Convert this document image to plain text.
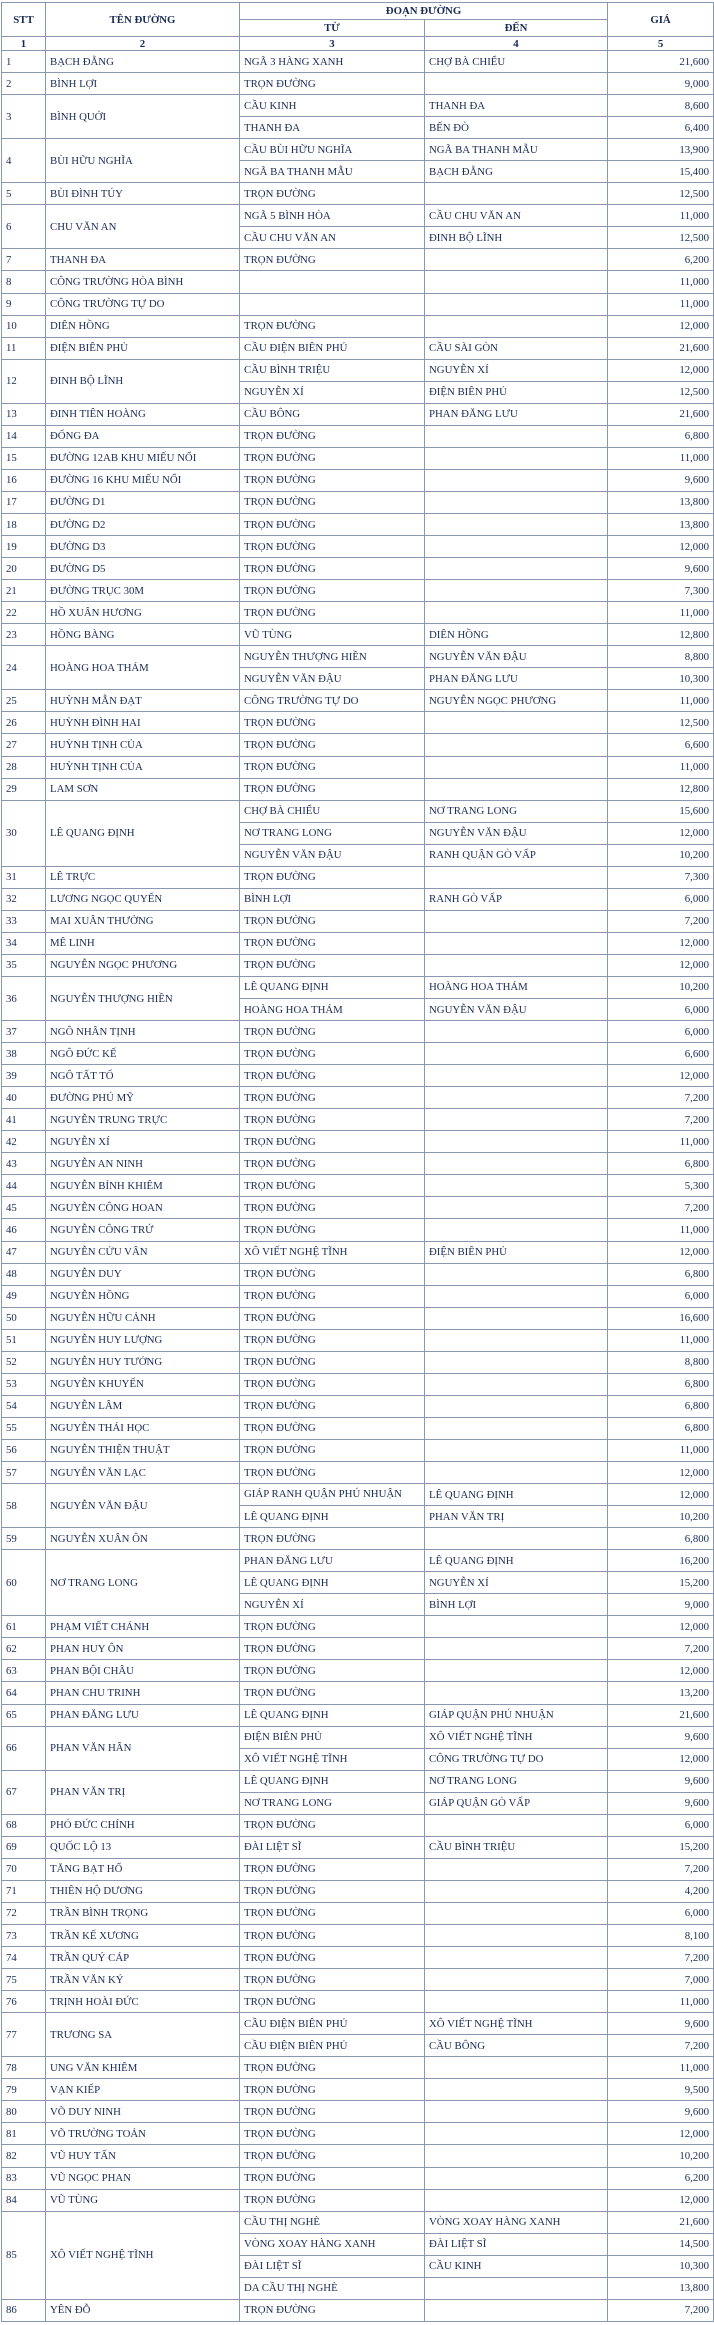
STT	TÊN ĐƯỜNG	ĐOẠN ĐƯỜNG		GIÁ
		TỪ	ĐẾN	
1	2	3	4	5
1	BẠCH ĐẰNG	NGÃ 3 HÀNG XANH	CHỢ BÀ CHIỂU	21,600
2	BÌNH LỢI	TRỌN ĐƯỜNG		9,000
3	BÌNH QUỚI	CẦU KINH	THANH ĐA	8,600
		THANH ĐA	BẾN ĐÒ	6,400
4	BÙI HỮU NGHĨA	CẦU BÙI HỮU NGHĨA	NGÃ BA THANH MẪU	13,900
		NGÃ BA THANH MẪU	BẠCH ĐẰNG	15,400
5	BÙI ĐÌNH TÚY	TRỌN ĐƯỜNG		12,500
6	CHU VĂN AN	NGÃ 5 BÌNH HÒA	CẦU CHU VĂN AN	11,000
		CẦU CHU VĂN AN	ĐINH BỘ LĨNH	12,500
7	THANH ĐA	TRỌN ĐƯỜNG		6,200
8	CÔNG TRƯỜNG HÒA BÌNH			11,000
9	CÔNG TRƯỜNG TỰ DO			11,000
10	DIÊN HỒNG	TRỌN ĐƯỜNG		12,000
11	ĐIỆN BIÊN PHỦ	CẦU ĐIỆN BIÊN PHỦ	CẦU SÀI GÒN	21,600
12	ĐINH BỘ LĨNH	CẦU BÌNH TRIỆU	NGUYỄN XÍ	12,000
		NGUYỄN XÍ	ĐIỆN BIÊN PHỦ	12,500
13	ĐINH TIÊN HOÀNG	CẦU BÔNG	PHAN ĐĂNG LƯU	21,600
14	ĐỐNG ĐA	TRỌN ĐƯỜNG		6,800
15	ĐƯỜNG 12AB KHU MIẾU NỔI	TRỌN ĐƯỜNG		11,000
16	ĐƯỜNG 16 KHU MIẾU NỔI	TRỌN ĐƯỜNG		9,600
17	ĐƯỜNG D1	TRỌN ĐƯỜNG		13,800
18	ĐƯỜNG D2	TRỌN ĐƯỜNG		13,800
19	ĐƯỜNG D3	TRỌN ĐƯỜNG		12,000
20	ĐƯỜNG D5	TRỌN ĐƯỜNG		9,600
21	ĐƯỜNG TRỤC 30M	TRỌN ĐƯỜNG		7,300
22	HỒ XUÂN HƯƠNG	TRỌN ĐƯỜNG		11,000
23	HỒNG BÀNG	VŨ TÙNG	DIÊN HỒNG	12,800
24	HOÀNG HOA THÁM	NGUYỄN THƯỢNG HIỀN	NGUYỄN VĂN ĐẬU	8,800
		NGUYỄN VĂN ĐẬU	PHAN ĐĂNG LƯU	10,300
25	HUỲNH MẪN ĐẠT	CÔNG TRƯỜNG TỰ DO	NGUYỄN NGỌC PHƯƠNG	11,000
26	HUỲNH ĐÌNH HAI	TRỌN ĐƯỜNG		12,500
27	HUỲNH TỊNH CỦA	TRỌN ĐƯỜNG		6,600
28	HUỲNH TỊNH CỦA	TRỌN ĐƯỜNG		11,000
29	LAM SƠN	TRỌN ĐƯỜNG		12,800
30	LÊ QUANG ĐỊNH	CHỢ BÀ CHIỂU	NƠ TRANG LONG	15,600
		NƠ TRANG LONG	NGUYỄN VĂN ĐẬU	12,000
		NGUYỄN VĂN ĐẬU	RANH QUẬN GÒ VẤP	10,200
31	LÊ TRỰC	TRỌN ĐƯỜNG		7,300
32	LƯƠNG NGỌC QUYẾN	BÌNH LỢI	RANH GÒ VẤP	6,000
33	MAI XUÂN THƯỞNG	TRỌN ĐƯỜNG		7,200
34	MÊ LINH	TRỌN ĐƯỜNG		12,000
35	NGUYỄN NGỌC PHƯƠNG	TRỌN ĐƯỜNG		12,000
36	NGUYỄN THƯỢNG HIỀN	LÊ QUANG ĐỊNH	HOÀNG HOA THÁM	10,200
		HOÀNG HOA THÁM	NGUYỄN VĂN ĐẬU	6,000
37	NGÔ NHÂN TỊNH	TRỌN ĐƯỜNG		6,000
38	NGÔ ĐỨC KẾ	TRỌN ĐƯỜNG		6,600
39	NGÔ TẤT TỐ	TRỌN ĐƯỜNG		12,000
40	ĐƯỜNG PHÚ MỸ	TRỌN ĐƯỜNG		7,200
41	NGUYỄN TRUNG TRỰC	TRỌN ĐƯỜNG		7,200
42	NGUYỄN XÍ	TRỌN ĐƯỜNG		11,000
43	NGUYỄN AN NINH	TRỌN ĐƯỜNG		6,800
44	NGUYỄN BỈNH KHIÊM	TRỌN ĐƯỜNG		5,300
45	NGUYỄN CÔNG HOAN	TRỌN ĐƯỜNG		7,200
46	NGUYỄN CÔNG TRỨ	TRỌN ĐƯỜNG		11,000
47	NGUYỄN CỬU VÂN	XÔ VIẾT NGHỆ TĨNH	ĐIỆN BIÊN PHỦ	12,000
48	NGUYỄN DUY	TRỌN ĐƯỜNG		6,800
49	NGUYỄN HỒNG	TRỌN ĐƯỜNG		6,000
50	NGUYỄN HỮU CẢNH	TRỌN ĐƯỜNG		16,600
51	NGUYỄN HUY LƯỢNG	TRỌN ĐƯỜNG		11,000
52	NGUYỄN HUY TƯỞNG	TRỌN ĐƯỜNG		8,800
53	NGUYỄN KHUYẾN	TRỌN ĐƯỜNG		6,800
54	NGUYỄN LÂM	TRỌN ĐƯỜNG		6,800
55	NGUYỄN THÁI HỌC	TRỌN ĐƯỜNG		6,800
56	NGUYỄN THIỆN THUẬT	TRỌN ĐƯỜNG		11,000
57	NGUYỄN VĂN LẠC	TRỌN ĐƯỜNG		12,000
58	NGUYỄN VĂN ĐẬU	GIÁP RANH QUẬN PHÚ NHUẬN	LÊ QUANG ĐỊNH	12,000
		LÊ QUANG ĐỊNH	PHAN VĂN TRỊ	10,200
59	NGUYỄN XUÂN ÔN	TRỌN ĐƯỜNG		6,800
60	NƠ TRANG LONG	PHAN ĐĂNG LƯU	LÊ QUANG ĐỊNH	16,200
		LÊ QUANG ĐỊNH	NGUYỄN XÍ	15,200
		NGUYỄN XÍ	BÌNH LỢI	9,000
61	PHẠM VIẾT CHÁNH	TRỌN ĐƯỜNG		12,000
62	PHAN HUY ÔN	TRỌN ĐƯỜNG		7,200
63	PHAN BỘI CHÂU	TRỌN ĐƯỜNG		12,000
64	PHAN CHU TRINH	TRỌN ĐƯỜNG		13,200
65	PHAN ĐĂNG LƯU	LÊ QUANG ĐỊNH	GIÁP QUẬN PHÚ NHUẬN	21,600
66	PHAN VĂN HÂN	ĐIỆN BIÊN PHỦ	XÔ VIẾT NGHỆ TĨNH	9,600
		XÔ VIẾT NGHỆ TĨNH	CÔNG TRƯỜNG TỰ DO	12,000
67	PHAN VĂN TRỊ	LÊ QUANG ĐỊNH	NƠ TRANG LONG	9,600
		NƠ TRANG LONG	GIÁP QUẬN GÒ VẤP	9,600
68	PHÓ ĐỨC CHÍNH	TRỌN ĐƯỜNG		6,000
69	QUỐC LỘ 13	ĐÀI LIỆT SĨ	CẦU BÌNH TRIỆU	15,200
70	TĂNG BẠT HỔ	TRỌN ĐƯỜNG		7,200
71	THIÊN HỘ DƯƠNG	TRỌN ĐƯỜNG		4,200
72	TRẦN BÌNH TRỌNG	TRỌN ĐƯỜNG		6,000
73	TRẦN KẾ XƯƠNG	TRỌN ĐƯỜNG		8,100
74	TRẦN QUÝ CÁP	TRỌN ĐƯỜNG		7,200
75	TRẦN VĂN KỶ	TRỌN ĐƯỜNG		7,000
76	TRỊNH HOÀI ĐỨC	TRỌN ĐƯỜNG		11,000
77	TRƯƠNG SA	CẦU ĐIỆN BIÊN PHỦ	XÔ VIẾT NGHỆ TĨNH	9,600
		CẦU ĐIỆN BIÊN PHỦ	CẦU BÔNG	7,200
78	UNG VĂN KHIÊM	TRỌN ĐƯỜNG		11,000
79	VẠN KIẾP	TRỌN ĐƯỜNG		9,500
80	VÕ DUY NINH	TRỌN ĐƯỜNG		9,600
81	VÕ TRƯỜNG TOẢN	TRỌN ĐƯỜNG		12,000
82	VŨ HUY TẤN	TRỌN ĐƯỜNG		10,200
83	VŨ NGỌC PHAN	TRỌN ĐƯỜNG		6,200
84	VŨ TÙNG	TRỌN ĐƯỜNG		12,000
85	XÔ VIẾT NGHỆ TĨNH	CẦU THỊ NGHÈ	VÒNG XOAY HÀNG XANH	21,600
		VÒNG XOAY HÀNG XANH	ĐÀI LIỆT SĨ	14,500
		ĐÀI LIỆT SĨ	CẦU KINH	10,300
		DA CẦU THỊ NGHÈ		13,800
86	YÊN ĐỖ	TRỌN ĐƯỜNG		7,200
